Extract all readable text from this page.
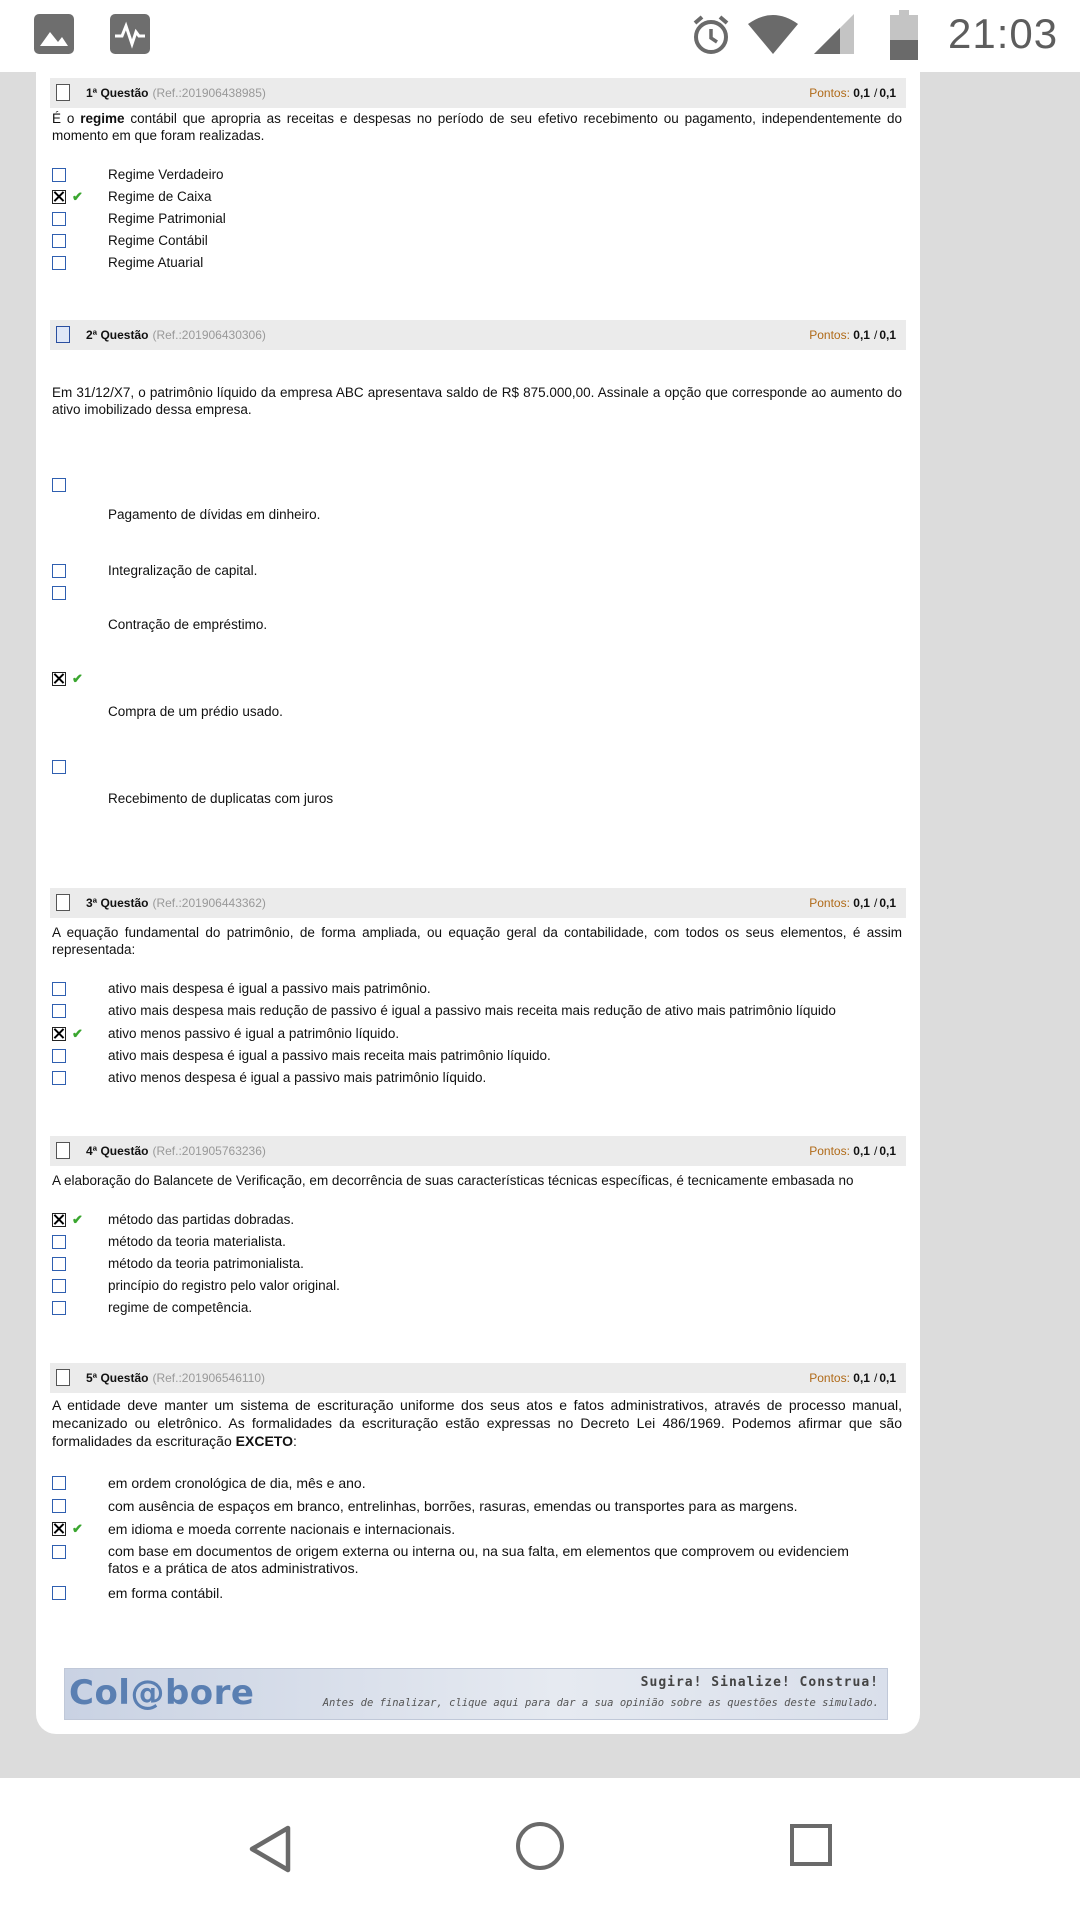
21:03
1ª Questão (Ref.:201906438985)	Pontos: 0,1 / 0,1
É o regime contábil que apropria as receitas e despesas no período de seu efetivo recebimento ou pagamento, independentemente do momento em que foram realizadas.
Regime Verdadeiro
✔ Regime de Caixa
Regime Patrimonial
Regime Contábil
Regime Atuarial
2ª Questão (Ref.:201906430306)	Pontos: 0,1 / 0,1
Em 31/12/X7, o patrimônio líquido da empresa ABC apresentava saldo de R$ 875.000,00. Assinale a opção que corresponde ao aumento do ativo imobilizado dessa empresa.
Pagamento de dívidas em dinheiro.
Integralização de capital.
Contração de empréstimo.
✔
Compra de um prédio usado.
Recebimento de duplicatas com juros
3ª Questão (Ref.:201906443362)	Pontos: 0,1 / 0,1
A equação fundamental do patrimônio, de forma ampliada, ou equação geral da contabilidade, com todos os seus elementos, é assim representada:
ativo mais despesa é igual a passivo mais patrimônio.
ativo mais despesa mais redução de passivo é igual a passivo mais receita mais redução de ativo mais patrimônio líquido
✔ ativo menos passivo é igual a patrimônio líquido.
ativo mais despesa é igual a passivo mais receita mais patrimônio líquido.
ativo menos despesa é igual a passivo mais patrimônio líquido.
4ª Questão (Ref.:201905763236)	Pontos: 0,1 / 0,1
A elaboração do Balancete de Verificação, em decorrência de suas características técnicas específicas, é tecnicamente embasada no
✔ método das partidas dobradas.
método da teoria materialista.
método da teoria patrimonialista.
princípio do registro pelo valor original.
regime de competência.
5ª Questão (Ref.:201906546110)	Pontos: 0,1 / 0,1
A entidade deve manter um sistema de escrituração uniforme dos seus atos e fatos administrativos, através de processo manual, mecanizado ou eletrônico. As formalidades da escrituração estão expressas no Decreto Lei 486/1969. Podemos afirmar que são formalidades da escrituração EXCETO:
em ordem cronológica de dia, mês e ano.
com ausência de espaços em branco, entrelinhas, borrões, rasuras, emendas ou transportes para as margens.
✔ em idioma e moeda corrente nacionais e internacionais.
com base em documentos de origem externa ou interna ou, na sua falta, em elementos que comprovem ou evidenciem fatos e a prática de atos administrativos.
em forma contábil.
Col@bore	Sugira! Sinalize! Construa!
Antes de finalizar, clique aqui para dar a sua opinião sobre as questões deste simulado.
